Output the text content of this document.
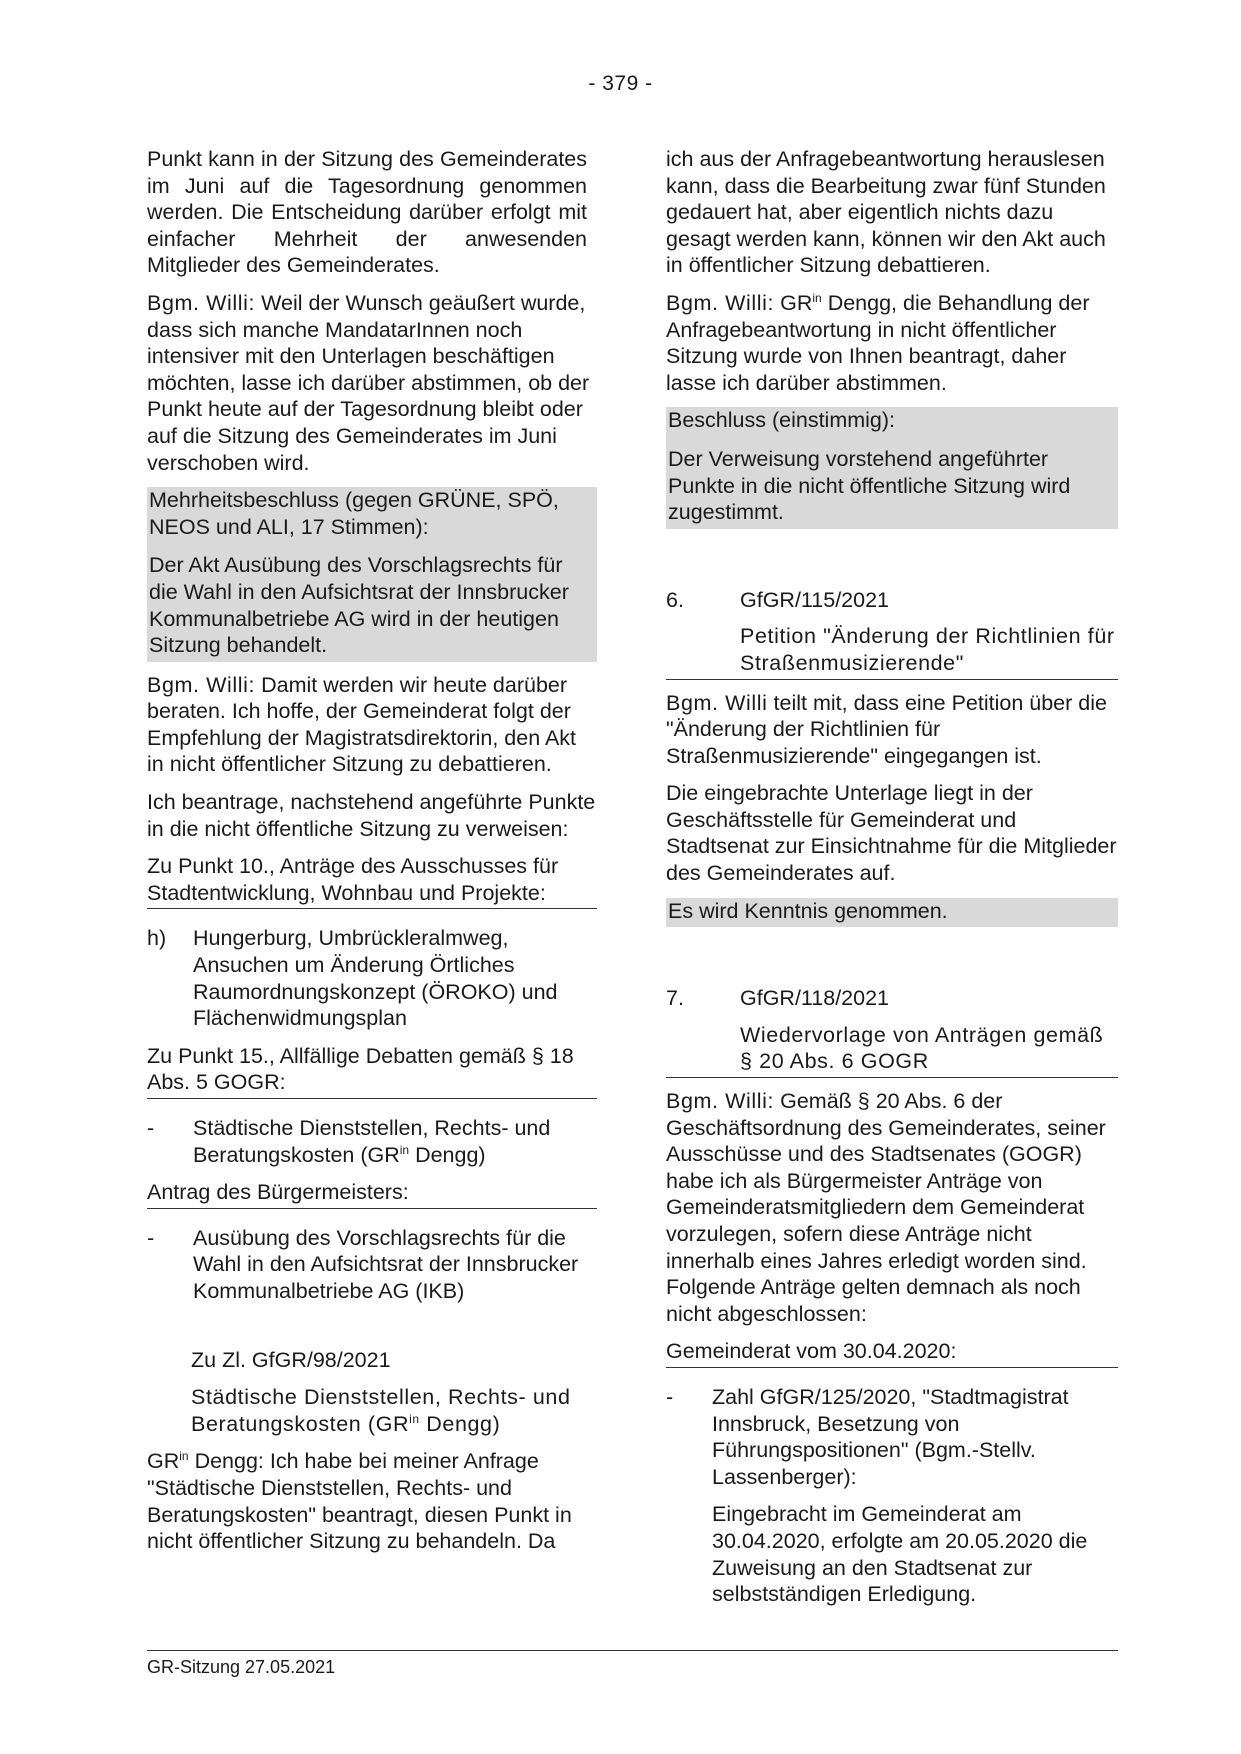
- 379 -

Punkt kann in der Sitzung des Gemeinderates im Juni auf die Tagesordnung genommen werden. Die Entscheidung darüber erfolgt mit einfacher Mehrheit der anwesenden Mitglieder des Gemeinderates.

Bgm. Willi: Weil der Wunsch geäußert wurde, dass sich manche MandatarInnen noch intensiver mit den Unterlagen beschäftigen möchten, lasse ich darüber abstimmen, ob der Punkt heute auf der Tagesordnung bleibt oder auf die Sitzung des Gemeinderates im Juni verschoben wird.

Mehrheitsbeschluss (gegen GRÜNE, SPÖ, NEOS und ALI, 17 Stimmen):

Der Akt Ausübung des Vorschlagsrechts für die Wahl in den Aufsichtsrat der Innsbrucker Kommunalbetriebe AG wird in der heutigen Sitzung behandelt.

Bgm. Willi: Damit werden wir heute darüber beraten. Ich hoffe, der Gemeinderat folgt der Empfehlung der Magistratsdirektorin, den Akt in nicht öffentlicher Sitzung zu debattieren.

Ich beantrage, nachstehend angeführte Punkte in die nicht öffentliche Sitzung zu verweisen:

Zu Punkt 10., Anträge des Ausschusses für Stadtentwicklung, Wohnbau und Projekte:

h)	Hungerburg, Umbrückleralmweg, Ansuchen um Änderung Örtliches Raumordnungskonzept (ÖROKO) und Flächenwidmungsplan

Zu Punkt 15., Allfällige Debatten gemäß § 18 Abs. 5 GOGR:

-	Städtische Dienststellen, Rechts- und Beratungskosten ($GR^{in}$ Dengg)

Antrag des Bürgermeisters:

-	Ausübung des Vorschlagsrechts für die Wahl in den Aufsichtsrat der Innsbrucker Kommunalbetriebe AG (IKB)

Zu Zl. GfGR/98/2021

Städtische Dienststellen, Rechts- und Beratungskosten ($GR^{in}$ Dengg)

$GR^{in}$ Dengg: Ich habe bei meiner Anfrage "Städtische Dienststellen, Rechts- und Beratungskosten" beantragt, diesen Punkt in nicht öffentlicher Sitzung zu behandeln. Da

ich aus der Anfragebeantwortung herauslesen kann, dass die Bearbeitung zwar fünf Stunden gedauert hat, aber eigentlich nichts dazu gesagt werden kann, können wir den Akt auch in öffentlicher Sitzung debattieren.

Bgm. Willi: $GR^{in}$ Dengg, die Behandlung der Anfragebeantwortung in nicht öffentlicher Sitzung wurde von Ihnen beantragt, daher lasse ich darüber abstimmen.

Beschluss (einstimmig):

Der Verweisung vorstehend angeführter Punkte in die nicht öffentliche Sitzung wird zugestimmt.

6.	GfGR/115/2021

Petition "Änderung der Richtlinien für Straßenmusizierende"

Bgm. Willi teilt mit, dass eine Petition über die "Änderung der Richtlinien für Straßenmusizierende" eingegangen ist.

Die eingebrachte Unterlage liegt in der Geschäftsstelle für Gemeinderat und Stadtsenat zur Einsichtnahme für die Mitglieder des Gemeinderates auf.

Es wird Kenntnis genommen.

7.	GfGR/118/2021

Wiedervorlage von Anträgen gemäß § 20 Abs. 6 GOGR

Bgm. Willi: Gemäß § 20 Abs. 6 der Geschäftsordnung des Gemeinderates, seiner Ausschüsse und des Stadtsenates (GOGR) habe ich als Bürgermeister Anträge von Gemeinderatsmitgliedern dem Gemeinderat vorzulegen, sofern diese Anträge nicht innerhalb eines Jahres erledigt worden sind. Folgende Anträge gelten demnach als noch nicht abgeschlossen:

Gemeinderat vom 30.04.2020:

-	Zahl GfGR/125/2020, "Stadtmagistrat Innsbruck, Besetzung von Führungspositionen" (Bgm.-Stellv. Lassenberger):

Eingebracht im Gemeinderat am 30.04.2020, erfolgte am 20.05.2020 die Zuweisung an den Stadtsenat zur selbstständigen Erledigung.

GR-Sitzung 27.05.2021
